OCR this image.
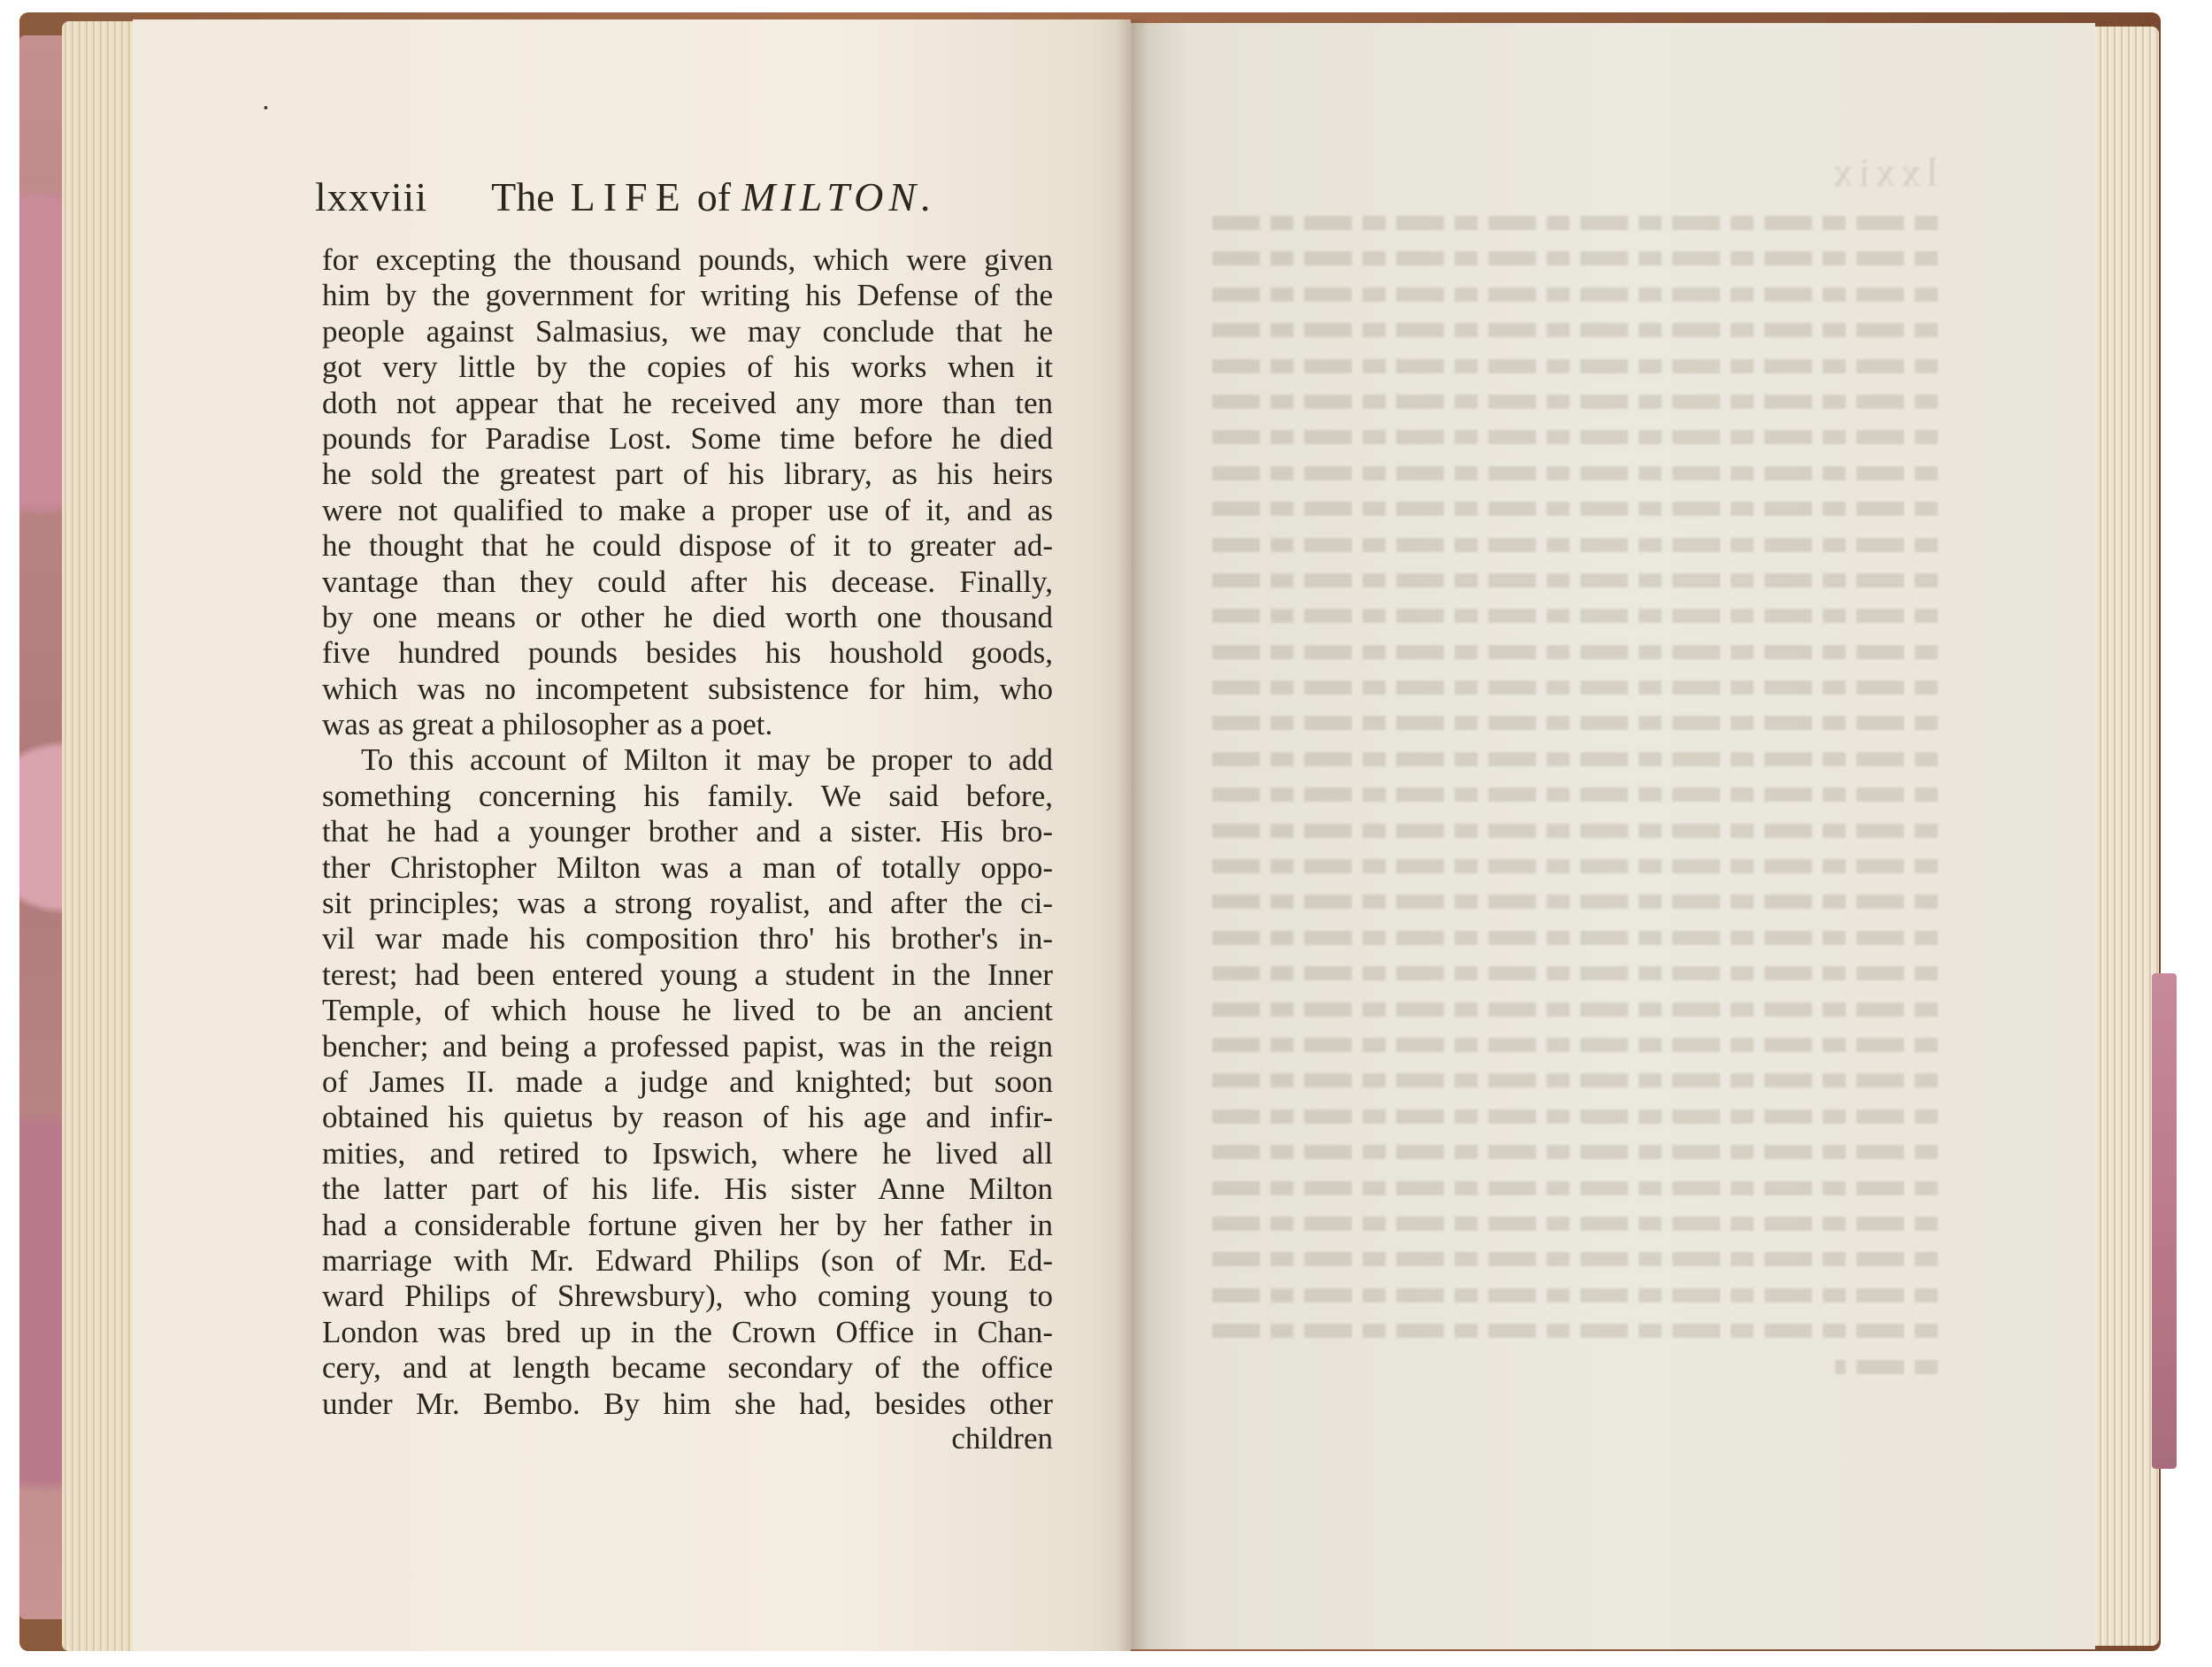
lxxviii The LIFE of MILTON.
for excepting the thousand pounds, which were given
him by the government for writing his Defense of the
people against Salmasius, we may conclude that he
got very little by the copies of his works when it
doth not appear that he received any more than ten
pounds for Paradise Lost. Some time before he died
he sold the greatest part of his library, as his heirs
were not qualified to make a proper use of it, and as
he thought that he could dispose of it to greater ad-
vantage than they could after his decease. Finally,
by one means or other he died worth one thousand
five hundred pounds besides his houshold goods,
which was no incompetent subsistence for him, who
was as great a philosopher as a poet.
To this account of Milton it may be proper to add
something concerning his family. We said before,
that he had a younger brother and a sister. His bro-
ther Christopher Milton was a man of totally oppo-
sit principles; was a strong royalist, and after the ci-
vil war made his composition thro' his brother's in-
terest; had been entered young a student in the Inner
Temple, of which house he lived to be an ancient
bencher; and being a professed papist, was in the reign
of James II. made a judge and knighted; but soon
obtained his quietus by reason of his age and infir-
mities, and retired to Ipswich, where he lived all
the latter part of his life. His sister Anne Milton
had a considerable fortune given her by her father in
marriage with Mr. Edward Philips (son of Mr. Ed-
ward Philips of Shrewsbury), who coming young to
London was bred up in the Crown Office in Chan-
cery, and at length became secondary of the office
under Mr. Bembo. By him she had, besides other
children
lxxix
▪
